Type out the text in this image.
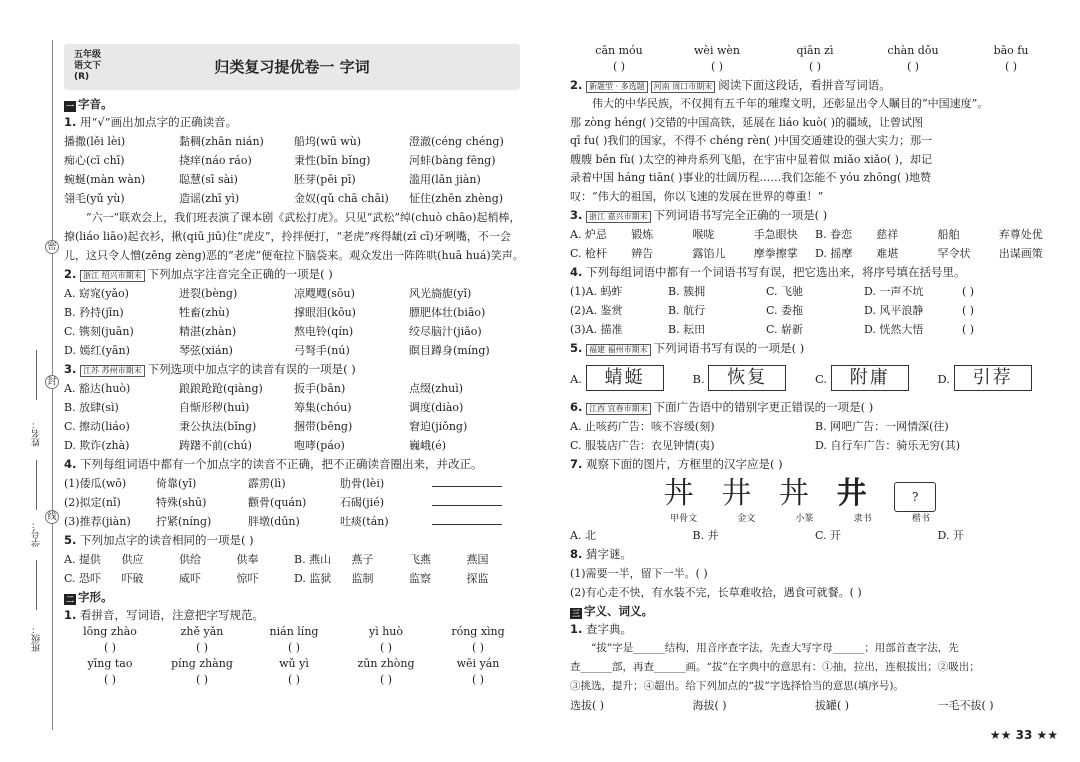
密
封
线
姓名：
学号：
班级：
五年级
语文下
(R)
归类复习提优卷一 字词
一 字音。
1. 用“√”画出加点字的正确读音。
播撒(lěi lèi)	黏稠(zhān nián)	船坞(wū wù)	澄澈(céng chéng)
痴心(cī chī)	挠痒(náo ráo)	秉性(bǐn bǐng)	河蚌(bàng fēng)
蜿蜒(màn wàn)	聪慧(sī sài)	胚芽(pēi pī)	滥用(lǎn jiàn)
翎毛(yǔ yù)	造谣(zhī yì)	金奴(qǔ chā chāi)	怔住(zhēn zhèng)
“六一”联欢会上，我们班表演了课本剧《武松打虎》。只见“武松”绰(chuò chāo)起梢棒，撩(liáo liāo)起衣衫，揪(qiū jiū)住“虎皮”，拎拌便打，“老虎”疼得龇(zī cī)牙咧嘴，不一会儿，这只令人憎(zēng zèng)恶的“老虎”便奄拉下脑袋来。观众发出一阵阵哄(huā huá)笑声。
2. 浙江 绍兴市期末 下列加点字注音完全正确的一项是( )
A. 窈窕(yǎo)	迸裂(bèng)	凉飕飕(sōu)	风光旖旎(yǐ)
B. 矜持(jīn)	牲畜(zhù)	撑眼泪(kōu)	膘肥体壮(biāo)
C. 镌刻(juān)	精湛(zhàn)	熬电铃(qín)	绞尽脑汁(jiǎo)
D. 嫣红(yān)	琴弦(xián)	弓弩手(nú)	瞑目蹲身(míng)
3. 江苏 苏州市期末 下列选项中加点字的读音有误的一项是( )
A. 豁达(huò)	踉踉跄跄(qiàng)	扳手(bān)	点缀(zhuì)
B. 放肆(sì)	自惭形秽(huì)	筹集(chóu)	调度(diào)
C. 擦动(liáo)	秉公执法(bǐng)	捆带(bēng)	窘迫(jiǒng)
D. 欺诈(zhà)	踌躇不前(chú)	咆哮(páo)	巍峨(é)
4. 下列每组词语中都有一个加点字的读音不正确，把不正确读音圈出来，并改正。
(1)倭瓜(wō)	倚靠(yǐ)	霹雳(lì)	肋骨(lèi)
(2)拟定(nǐ)	特殊(shū)	颧骨(quán)	石碣(jié)
(3)推荐(jiàn)	拧紧(níng)	胖墩(dūn)	吐痰(tán)
5. 下列加点字的读音相同的一项是( )
A. 提供	供应	供给	供奉	B. 燕山	燕子	飞燕	燕国
C. 恐吓	吓破	威吓	惊吓	D. 监狱	监制	监察	探监
二 字形。
1. 看拼音，写词语，注意把字写规范。
lōng zhào	zhě yǎn	nián líng	yì huò	róng xìng
( )	( )	( )	( )	( )
yīng tao	píng zhàng	wǔ yì	zūn zhòng	wēi yán
( )	( )	( )	( )	( )
cān móu	wèi wèn	qiān zì	chàn dǒu	bāo fu
( )	( )	( )	( )	( )
2. 新题型 · 多选题 河南 周口市期末 阅读下面这段话，看拼音写词语。
伟大的中华民族，不仅拥有五千年的璀璨文明，还彰显出令人瞩目的“中国速度”。
那 zòng héng( )交错的中国高铁，延展在 liáo kuò( )的疆域，让曾试图
qī fu( )我们的国家，不得不 chéng rèn( )中国交通建设的强大实力；那一
艘艘 bēn fù( )太空的神舟系列飞船，在宇宙中显着似 miǎo xiǎo( )，却记
录着中国 háng tiān( )事业的壮阔历程……我们怎能不 yóu zhōng( )地赞
叹：“伟大的祖国，你以飞速的发展在世界的尊重！”
3. 浙江 嘉兴市期末 下列词语书写完全正确的一项是( )
A. 炉忌	锻炼	喉咙	手急眼快	B. 眷恋	慈祥	船舶	弃尊处优
C. 枪杆	辨告	露馅儿	摩拳擦掌	D. 摇摩	难堪	罕令状	出谋画策
4. 下列每组词语中都有一个词语书写有误，把它选出来，将序号填在括号里。
(1)A. 蚂蚱	B. 簇拥	C. 飞驰	D. 一声不坑	( )
(2)A. 鉴赏	B. 航行	C. 委拖	D. 风平浪静	( )
(3)A. 描准	B. 耘田	C. 崭新	D. 恍然大悟	( )
5. 福建 福州市期末 下列词语书写有误的一项是( )
A. 蜻蜓	B. 恢复	C. 附庸	D. 引荐
6. 江西 宜春市期末 下面广告语中的错别字更正错误的一项是( )
A. 止咳药广告：咳不容缓(刻)	B. 网吧广告：一网情深(往)
C. 服装店广告：衣见钟情(夷)	D. 自行车广告：骑乐无穷(其)
7. 观察下面的图片，方框里的汉字应是( )
丼 井 丼 井	?
甲骨文	金文	小篆	隶书	楷书
A. 北	B. 并	C. 开	D. 开
8. 猜字谜。
(1)需要一半，留下一半。( )
(2)有心走不快，有水装不完，长草难收拾，遇食可就餐。( )
三 字义、词义。
1. 查字典。
“拔”字是______结构，用音序查字法，先查大写字母______；用部首查字法，先
查______部，再查______画。“拔”在字典中的意思有：①抽，拉出，连根拔出；②吸出；
③挑选，提升；④超出。给下列加点的“拔”字选择恰当的意思(填序号)。
选拔( )	海拔( )	拔罐( )	一毛不拔( )
★★ 33 ★★
